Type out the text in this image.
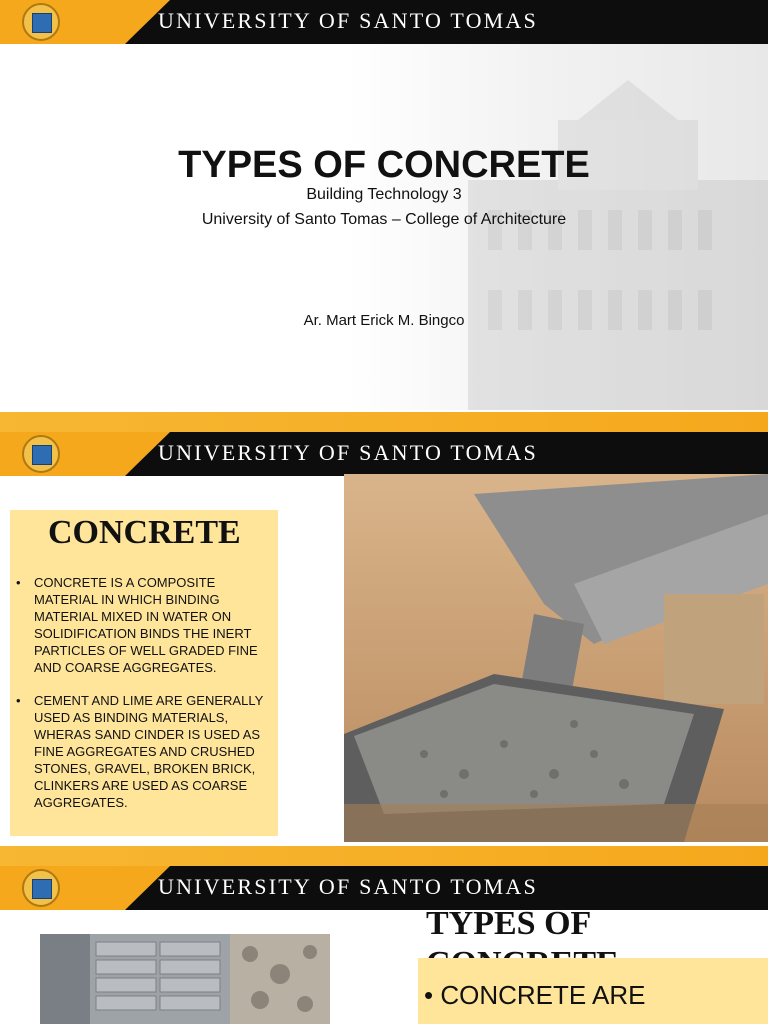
UNIVERSITY OF SANTO TOMAS
TYPES OF CONCRETE
Building Technology 3
University of Santo Tomas – College of Architecture
Ar. Mart Erick M. Bingco
UNIVERSITY OF SANTO TOMAS
CONCRETE
• CONCRETE IS A COMPOSITE MATERIAL IN WHICH BINDING MATERIAL MIXED IN WATER ON SOLIDIFICATION BINDS THE INERT PARTICLES OF WELL GRADED FINE AND COARSE AGGREGATES.
• CEMENT AND LIME ARE GENERALLY USED AS BINDING MATERIALS, WHERAS SAND CINDER IS USED AS FINE AGGREGATES AND CRUSHED STONES, GRAVEL, BROKEN BRICK, CLINKERS ARE USED AS COARSE AGGREGATES.
UNIVERSITY OF SANTO TOMAS
TYPES OF
• CONCRETE ARE
